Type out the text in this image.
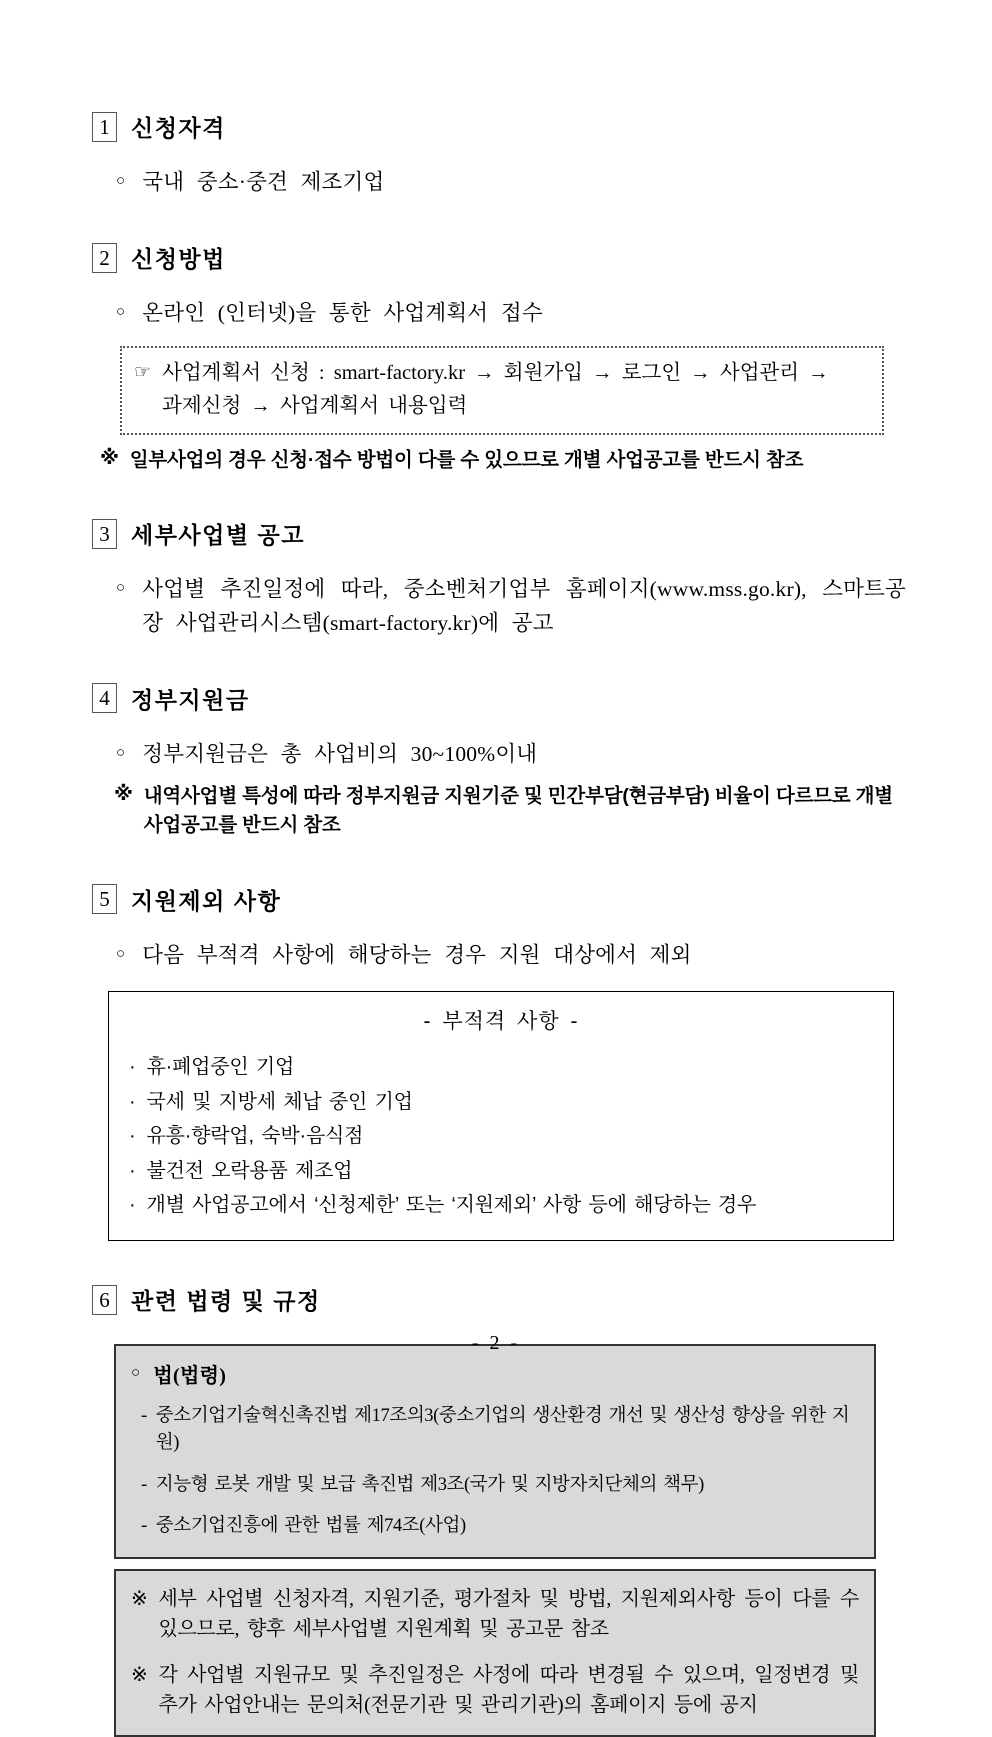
1 신청자격
○ 국내 중소·중견 제조기업
2 신청방법
○ 온라인 (인터넷)을 통한 사업계획서 접수
☞ 사업계획서 신청 : smart-factory.kr → 회원가입 → 로그인 → 사업관리 →
과제신청 → 사업계획서 내용입력
※ 일부사업의 경우 신청·접수 방법이 다를 수 있으므로 개별 사업공고를 반드시 참조
3 세부사업별 공고
○ 사업별 추진일정에 따라, 중소벤처기업부 홈페이지(www.mss.go.kr), 스마트공장 사업관리시스템(smart-factory.kr)에 공고
4 정부지원금
○ 정부지원금은 총 사업비의 30~100%이내
※ 내역사업별 특성에 따라 정부지원금 지원기준 및 민간부담(현금부담) 비율이 다르므로 개별 사업공고를 반드시 참조
5 지원제외 사항
○ 다음 부적격 사항에 해당하는 경우 지원 대상에서 제외
- 부적격 사항 -
· 휴·폐업중인 기업
· 국세 및 지방세 체납 중인 기업
· 유흥·향락업, 숙박·음식점
· 불건전 오락용품 제조업
· 개별 사업공고에서 ‘신청제한’ 또는 ‘지원제외’ 사항 등에 해당하는 경우
6 관련 법령 및 규정
○ 법(법령)
- 중소기업기술혁신촉진법 제17조의3(중소기업의 생산환경 개선 및 생산성 향상을 위한 지원)
- 지능형 로봇 개발 및 보급 촉진법 제3조(국가 및 지방자치단체의 책무)
- 중소기업진흥에 관한 법률 제74조(사업)
※ 세부 사업별 신청자격, 지원기준, 평가절차 및 방법, 지원제외사항 등이 다를 수 있으므로, 향후 세부사업별 지원계획 및 공고문 참조
※ 각 사업별 지원규모 및 추진일정은 사정에 따라 변경될 수 있으며, 일정변경 및 추가 사업안내는 문의처(전문기관 및 관리기관)의 홈페이지 등에 공지
- 2 -
